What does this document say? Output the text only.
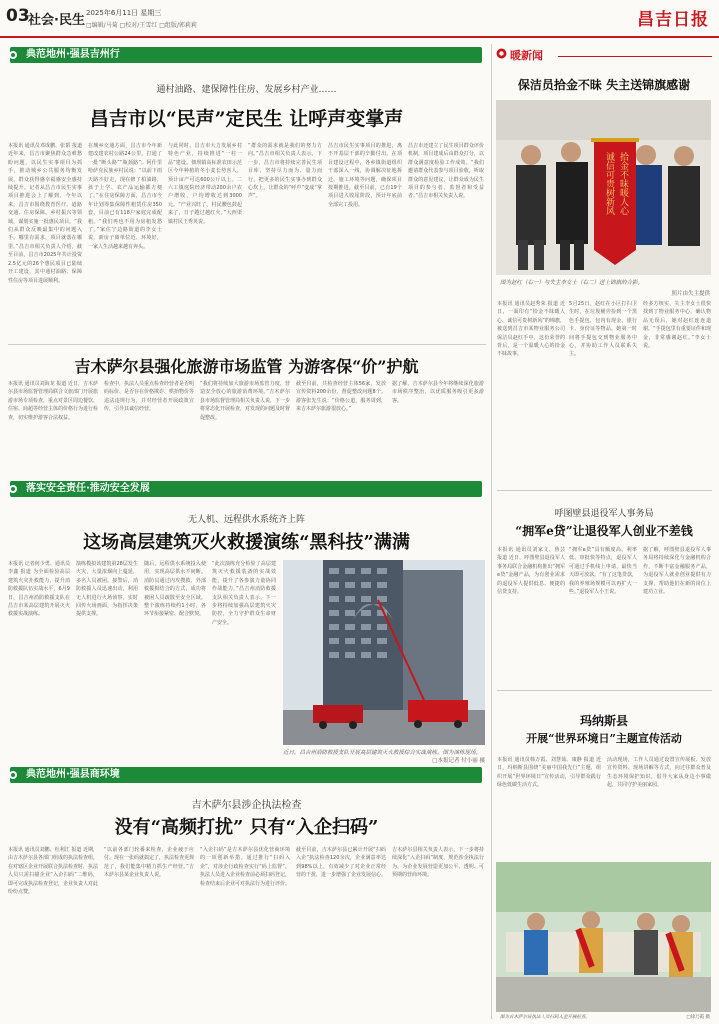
03
社会·民生 2025年6月11日 星期三
□编辑/马菊 □校对/王雪红 □组版/郭莉莉	昌吉日报
典范地州·强县吉州行
通村油路、建保障性住房、发展乡村产业……
昌吉市以“民声”定民生 让呼声变掌声
本报讯 通讯员邓成鹏、张韬 报道 近年来，昌吉市聚焦群众急难愁盼问题，以民生实事项目为抓手，推动城乡公共服务均衡发展，群众获得感幸福感安全感持续提升。记者从昌吉市民生实事项目推进会上了解到，今年以来，昌吉市围绕教育医疗、道路交通、住房保障、乡村振兴等领域，谋划实施一批惠民项目。“我们从群众反映最集中的问题入手，哪里有需求，项目就落在哪里。”昌吉市相关负责人介绍，截至目前，昌吉市2025年共计投资2.5亿元的26个惠民项目已陆续开工建设，其中通村油路、保障性住房等项目进展顺利。
在城乡交通方面，昌吉市今年新建改建农村公路24公里，打通了一批“断头路”“瓶颈路”。阿什里哈萨克民族乡村民说：“以前下雨天路不好走，现在修了柏油路，孩子上学、农产品运输都方便了。”在住房保障方面，昌吉市今年计划筹集保障性租赁住房350套，目前已有118户家庭完成配租。“我们再也不用为房租发愁了。”家住宁边路街道的李女士说，新房子离单位近、环境好，一家人生活越来越有奔头。
与此同时，昌吉市大力发展乡村特色产业，持续推进“一村一品”建设。佃坝镇高标准农田示范区今年种植的冬小麦长势喜人，预计亩产可达600公斤以上。二六工镇庭院经济带动200余户农户增收，户均增收达到3000元。“产业兴旺了，村民腰包鼓起来了，日子越过越红火。”大西渠镇村民王秀英说。
“群众的需求就是我们的努力方向。”昌吉市相关负责人表示，下一步，昌吉市将持续完善民生项目库，坚持尽力而为、量力而行，把更多的民生实事办到群众心坎上，让群众的“呼声”变成“掌声”。
昌吉市民生实事项目的推进，离不开基层干部的辛勤付出。在项目建设过程中，各乡镇街道组织干部深入一线，协调解决征地拆迁、施工环境等问题，确保项目按期推进。截至目前，已有19个项目进入收尾阶段，预计年底前全部完工投用。
昌吉市还建立了民生项目群众评价机制，项目建成后由群众打分，以群众满意度检验工作成效。“我们邀请群众代表参与项目验收，听取群众的意见建议，让群众成为民生项目的参与者、监督者和受益者。”昌吉市相关负责人说。
吉木萨尔县强化旅游市场监管 为游客保“价”护航
本报讯 通讯员刘海龙 报道 近日，吉木萨尔县市场监督管理局联合文旅部门开展旅游市场专项检查，重点对景区周边餐饮、住宿、商超等经营主体的价格行为进行检查，切实维护游客合法权益。
检查中，执法人员重点检查经营者是否明码标价、是否存在价格欺诈、哄抬物价等违法违规行为，并对经营者开展政策宣传，引导其诚信经营。
“我们将持续加大旅游市场监管力度，营造安全放心的旅游消费环境。”吉木萨尔县市场监督管理局相关负责人说，下一步将常态化开展检查，对发现的问题及时督促整改。
截至目前，共检查经营主体56家，发放宣传资料200余份，督促整改问题8个。游客张先生说：“价格公道，服务周到，来吉木萨尔旅游很放心。”
据了解，吉木萨尔县今年将继续深化旅游市场秩序整治，以优质服务吸引更多游客。
落实安全责任·推动安全发展
无人机、远程供水系统齐上阵
这场高层建筑灭火救援演练“黑科技”满满
本报讯 记者何少勇、通讯员李鑫 报道 为全面检验高层建筑火灾扑救能力，提升消防救援队伍实战水平，6月9日，昌吉州消防救援支队在昌吉市某高层建筑开展灭火救援实战演练。
演练模拟该建筑第28层发生火灾，大量浓烟向上蔓延，多名人员被困。接警后，消防救援人员迅速出动，利用无人机进行火场侦察，实时回传火场画面，为指挥决策提供支撑。
随后，远程供水系统投入使用，实现高层供水不间断。消防员通过内攻搜救、外部救援相结合的方式，成功将被困人员疏散至安全区域。整个演练持续约1小时，各环节衔接紧密、配合默契。
“此次演练充分检验了高层建筑灭火救援装备的实战效能，提升了各参演力量协同作战能力。”昌吉州消防救援支队相关负责人表示，下一步将持续加强高层建筑火灾防控，全力守护群众生命财产安全。
近日，昌吉州消防救援支队开展高层建筑灭火救援综合实战演练。图为演练现场。
□本报记者 付小丽 摄
典范地州·强县商环境
吉木萨尔县涉企执法检查
没有“高频打扰” 只有“入企扫码”
本报讯 通讯员刘鹏、杜利江 报道 近期，由吉木萨尔县各部门组成的执法检查组，在对辖区企业开展联合执法检查时，执法人员只需扫描企业“入企扫码”二维码，即可完成执法检查登记，企业负责人对此纷纷点赞。
“以前各部门轮番来检查，企业疲于应付。现在一张码就搞定了，执法检查更规范了，我们能集中精力抓生产经营。”吉木萨尔县某企业负责人说。
“入企扫码”是吉木萨尔县优化营商环境的一项创新举措。通过推行“扫码入企”，对涉企行政检查实行“码上监督”，执法人员进入企业检查前必须扫码登记，检查结束后企业可对执法行为进行评价。
截至目前，吉木萨尔县已累计开展“扫码入企”执法检查120余次，企业满意率达到98%以上，有效减少了对企业正常经营的干扰，进一步增强了企业发展信心。
吉木萨尔县相关负责人表示，下一步将持续深化“入企扫码”制度，规范涉企执法行为，为企业发展营造更加公平、透明、可预期的营商环境。
暖新闻
保洁员拾金不昧 失主送锦旗感谢
拾金不昧暖人心
诚信可贵树新风
图为赵红（右一）与失主李女士（右二）送上锦旗的合影。
照片由失主提供
本报讯 通讯员赵秀荣 报道 近日，一面印有“拾金不昧暖人心、诚信可贵树新风”的锦旗，被送到昌吉市某物业服务公司保洁员赵红手中，这份荣誉的背后，是一个温暖人心的拾金不昧故事。
5月25日，赵红在小区打扫卫生时，在垃圾桶旁捡到一个黑色手提包，包内有现金、银行卡、身份证等物品。她第一时间将手提包交到物业服务中心，并协助工作人员联系失主。
经多方核实，失主李女士很快找到了物业服务中心，确认物品无误后，她对赵红连连道谢。“手提包里有重要证件和现金，非常感谢赵红。”李女士说。
呼图壁县退役军人事务局
“拥军e贷”让退役军人创业不差钱
本报讯 通讯员刘家文、鲁芸 报道 近日，呼图壁县退役军人事务局联合金融机构推出“拥军e贷”金融产品，为有创业需求的退役军人提供低息、便捷的信贷支持。
“拥军e贷”具有额度高、利率低、审批快等特点，退役军人可通过手机线上申请，最快当天即可放款。“有了这笔贷款，我的养殖场规模可以再扩大一些。”退役军人小王说。
据了解，呼图壁县退役军人事务局将持续深化与金融机构合作，不断丰富金融服务产品，为退役军人就业创业提供有力支撑，帮助他们在新的岗位上建功立业。
玛纳斯县
开展“世界环境日”主题宣传活动
本报讯 通讯员韩万霞、刘慧茹、康静 报道 近日，玛纳斯县围绕“美丽中国我先行”主题，组织开展“世界环境日”宣传活动，引导群众践行绿色低碳生活方式。
活动现场，工作人员通过设置宣传展板、发放宣传资料、现场讲解等方式，向过往群众普及生态环境保护知识，倡导大家从身边小事做起，共同守护美丽家园。
图为吉木萨尔县执法人员扫码入企开展检查。	□徐乃霞 摄
